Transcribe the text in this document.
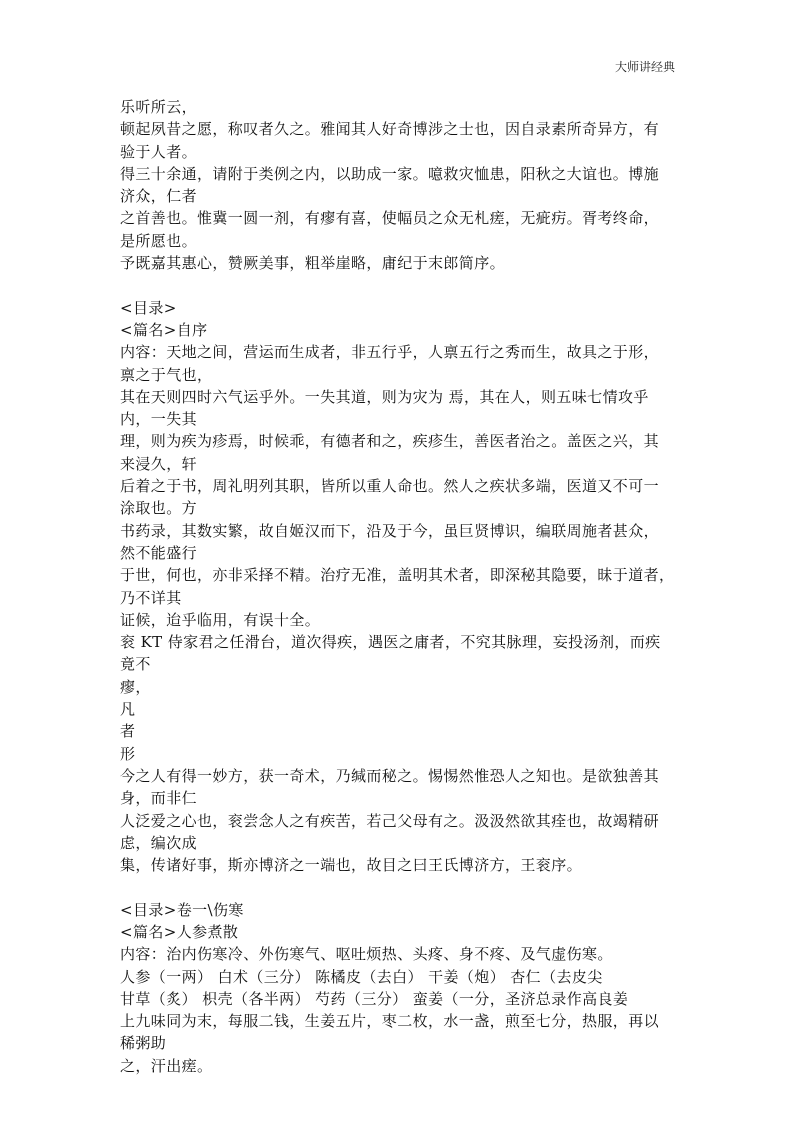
大师讲经典
乐听所云，
顿起夙昔之愿，称叹者久之。雅闻其人好奇博涉之士也，因自录素所奇异方，有
验于人者。
得三十余通，请附于类例之内，以助成一家。噫救灾恤患，阳秋之大谊也。博施
济众，仁者
之首善也。惟冀一圆一剂，有瘳有喜，使幅员之众无札瘥，无疵疠。胥考终命，
是所愿也。
予既嘉其惠心，赞厥美事，粗举崖略，庸纪于末郎简序。
<目录>
<篇名>自序
内容：天地之间，营运而生成者，非五行乎，人禀五行之秀而生，故具之于形，
禀之于气也，
其在天则四时六气运乎外。一失其道，则为灾为 焉，其在人，则五味七情攻乎
内，一失其
理，则为疾为疹焉，时候乖，有德者和之，疾疹生，善医者治之。盖医之兴，其
来浸久，轩
后着之于书，周礼明列其职，皆所以重人命也。然人之疾状多端，医道又不可一
涂取也。方
书药录，其数实繁，故自姬汉而下，沿及于今，虽巨贤博识，编联周施者甚众，
然不能盛行
于世，何也，亦非采择不精。治疗无准，盖明其术者，即深秘其隐要，昧于道者，
乃不详其
证候，迨乎临用，有误十全。
衮 KT 侍家君之任滑台，道次得疾，遇医之庸者，不究其脉理，妄投汤剂，而疾
竟不
瘳，
凡
者
形
今之人有得一妙方，获一奇术，乃缄而秘之。惕惕然惟恐人之知也。是欲独善其
身，而非仁
人泛爱之心也，衮尝念人之有疾苦，若己父母有之。汲汲然欲其痊也，故竭精研
虑，编次成
集，传诸好事，斯亦博济之一端也，故目之曰王氏博济方，王衮序。
<目录>卷一\伤寒
<篇名>人参煮散
内容：治内伤寒冷、外伤寒气、呕吐烦热、头疼、身不疼、及气虚伤寒。
人参（一两） 白术（三分） 陈橘皮（去白） 干姜（炮） 杏仁（去皮尖
甘草（炙） 枳壳（各半两） 芍药（三分） 蛮姜（一分，圣济总录作高良姜
上九味同为末，每服二钱，生姜五片，枣二枚，水一盏，煎至七分，热服，再以
稀粥助
之，汗出瘥。
